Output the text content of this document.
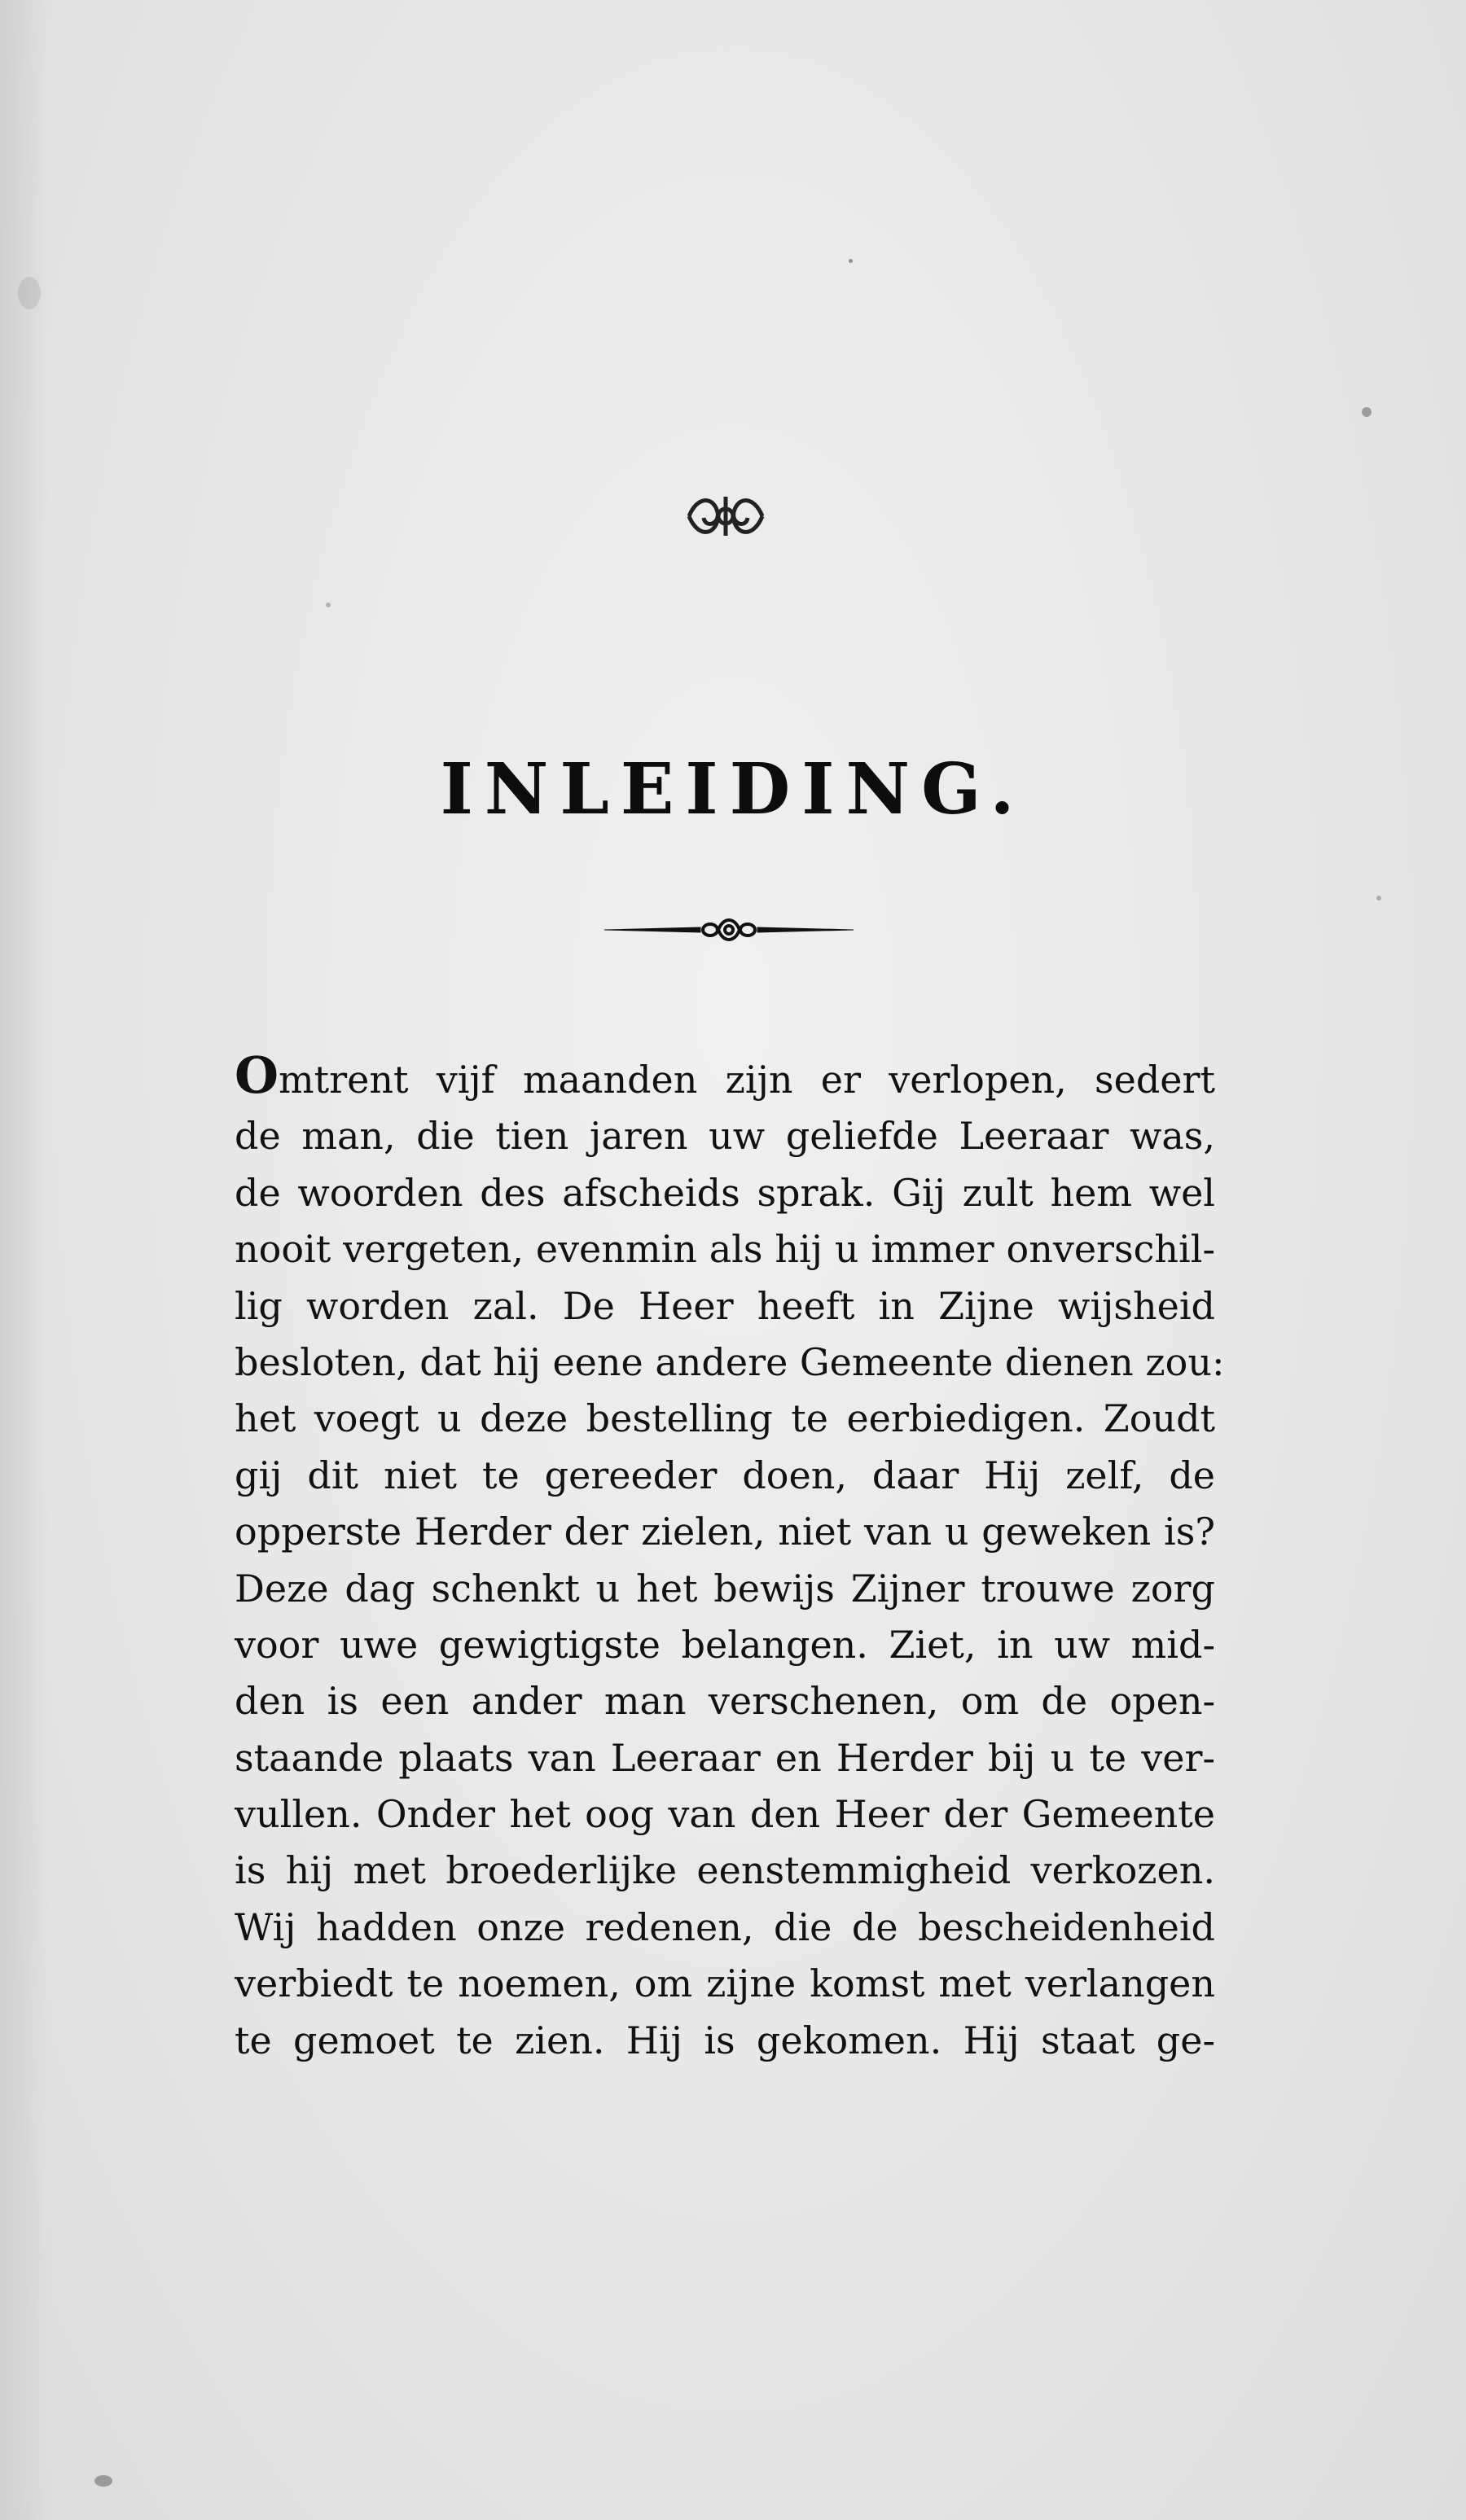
INLEIDING.
Omtrent vijf maanden zijn er verlopen, sedert
de man, die tien jaren uw geliefde Leeraar was,
de woorden des afscheids sprak. Gij zult hem wel
nooit vergeten, evenmin als hij u immer onverschil-
lig worden zal. De Heer heeft in Zijne wijsheid
besloten, dat hij eene andere Gemeente dienen zou:
het voegt u deze bestelling te eerbiedigen. Zoudt
gij dit niet te gereeder doen, daar Hij zelf, de
opperste Herder der zielen, niet van u geweken is?
Deze dag schenkt u het bewijs Zijner trouwe zorg
voor uwe gewigtigste belangen. Ziet, in uw mid-
den is een ander man verschenen, om de open-
staande plaats van Leeraar en Herder bij u te ver-
vullen. Onder het oog van den Heer der Gemeente
is hij met broederlijke eenstemmigheid verkozen.
Wij hadden onze redenen, die de bescheidenheid
verbiedt te noemen, om zijne komst met verlangen
te gemoet te zien. Hij is gekomen. Hij staat ge-
